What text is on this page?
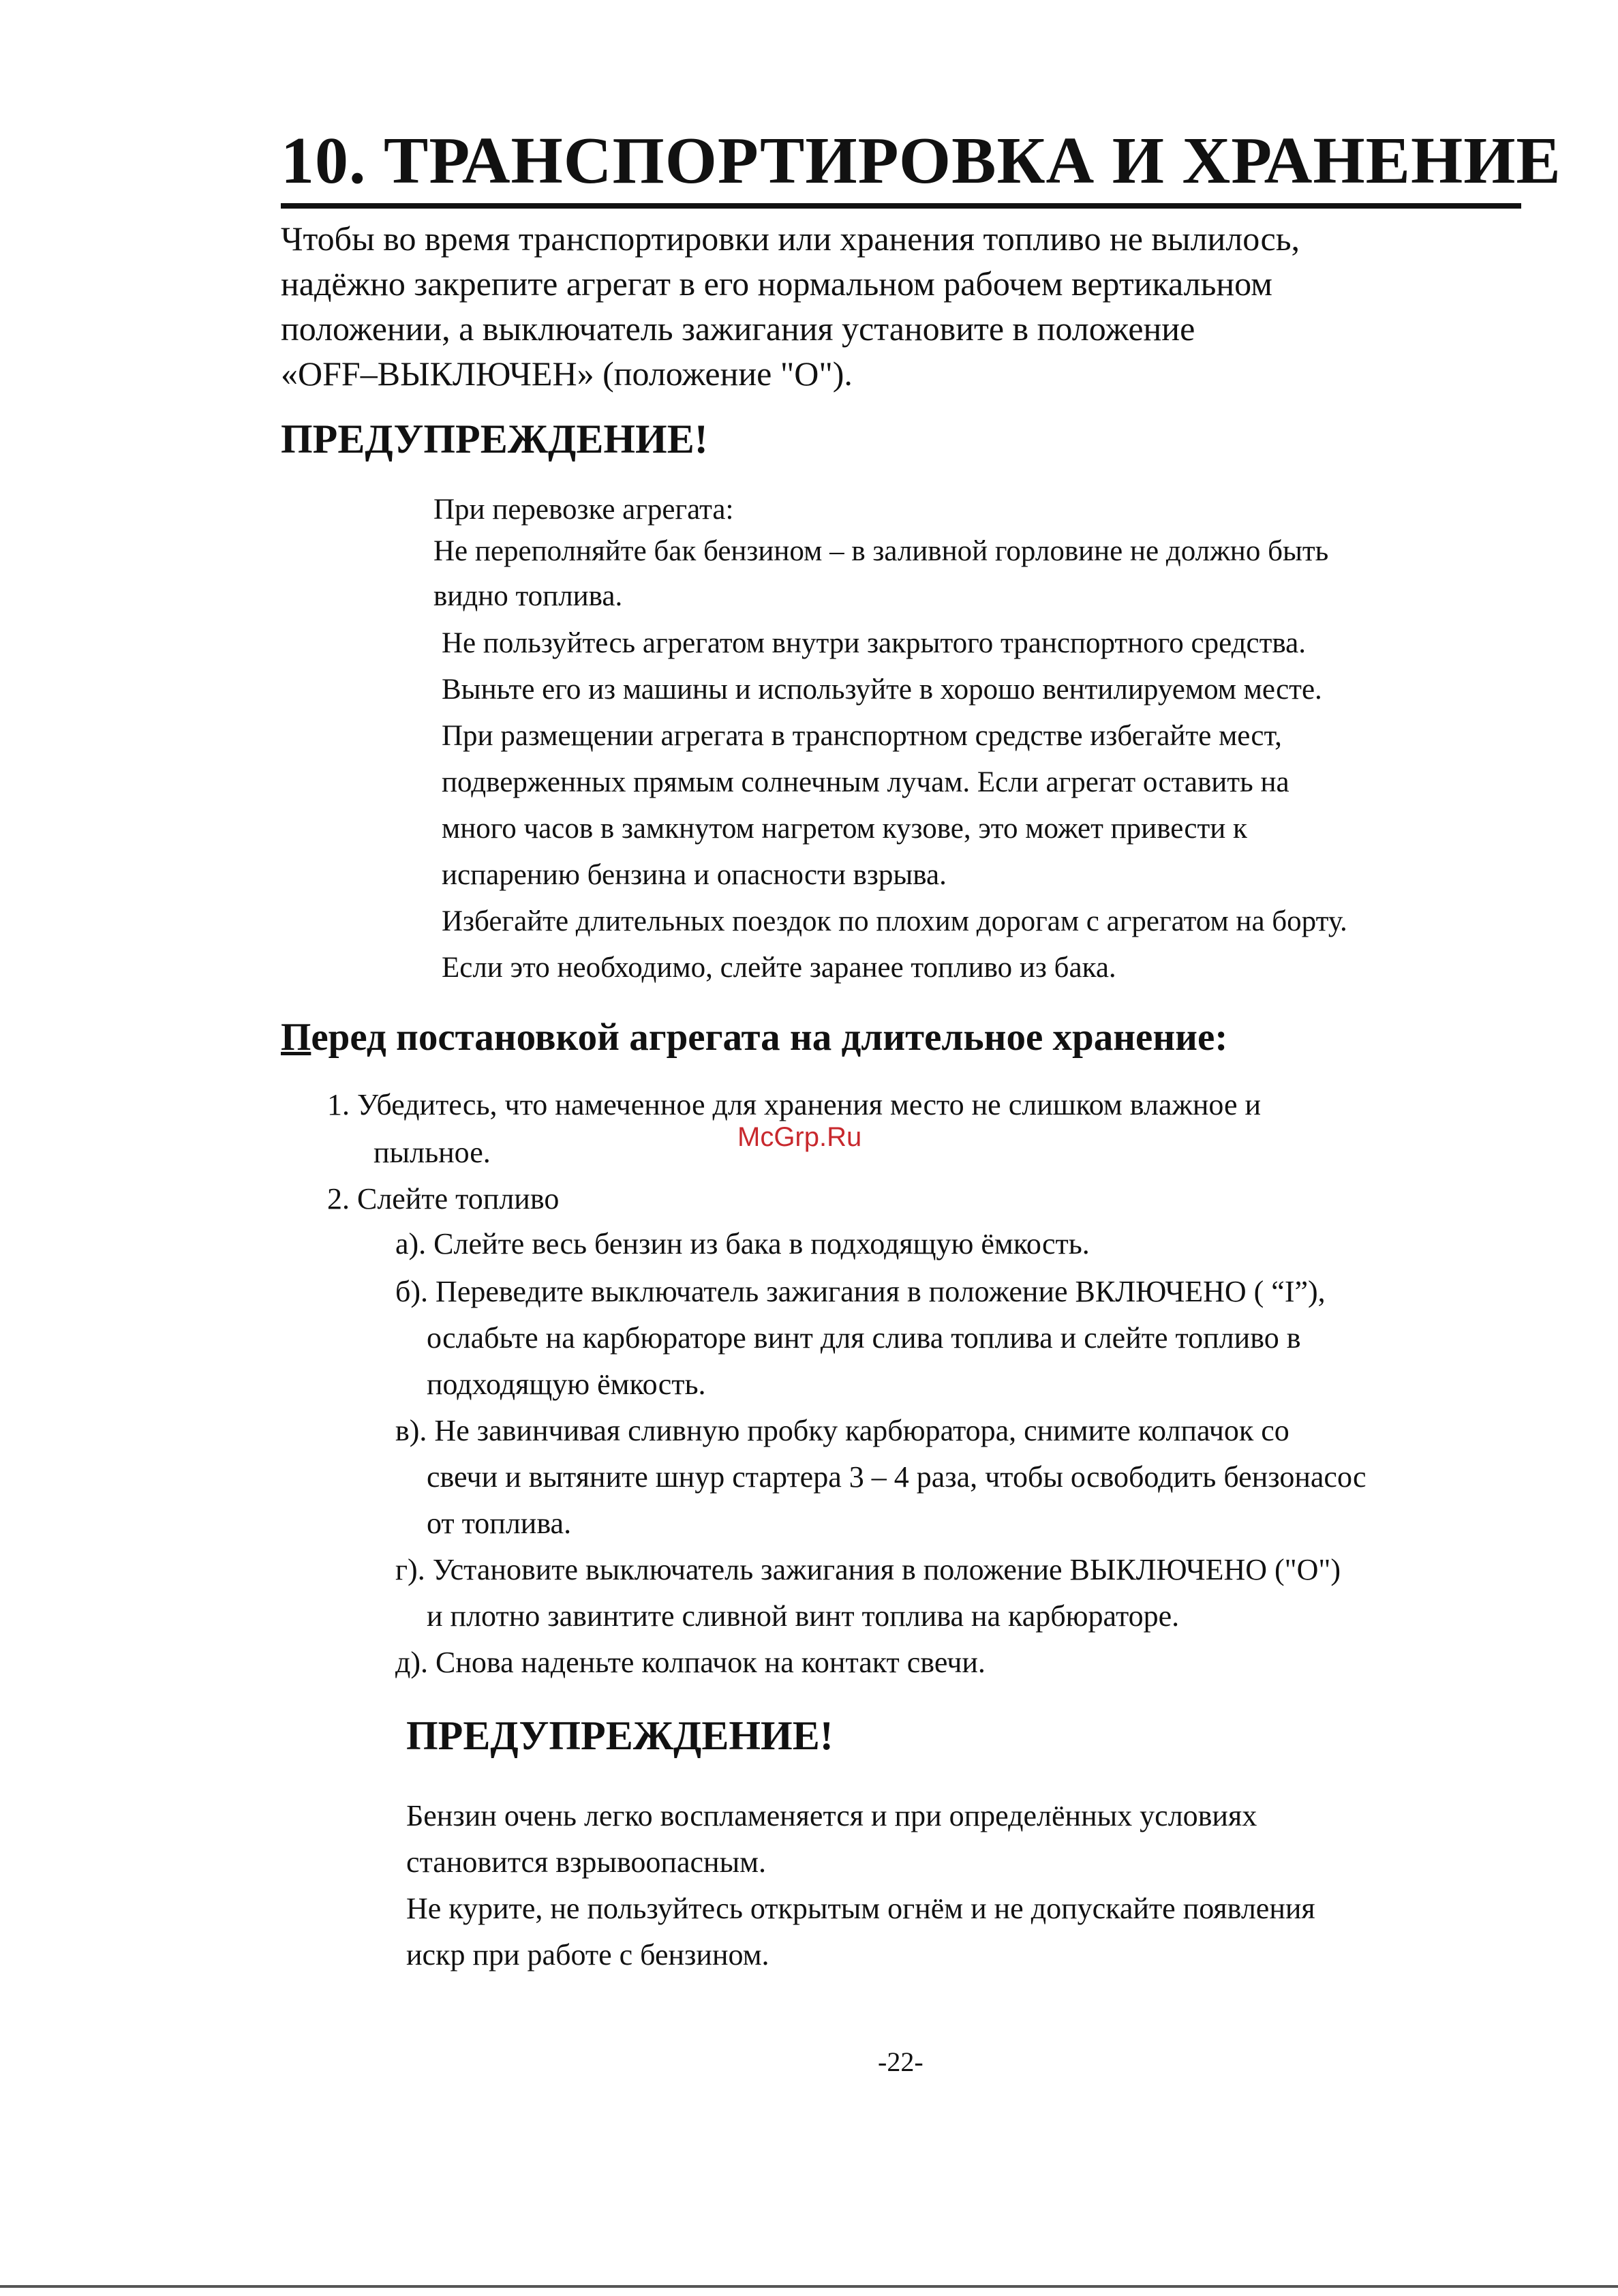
10. ТРАНСПОРТИРОВКА И ХРАНЕНИЕ

Чтобы во время транспортировки или хранения топливо не вылилось,

надёжно закрепите агрегат в его нормальном рабочем вертикальном

положении, а выключатель зажигания установите в положение

«OFF–ВЫКЛЮЧЕН» (положение "O").

ПРЕДУПРЕЖДЕНИЕ!

При перевозке агрегата:

Не переполняйте бак бензином – в заливной горловине не должно быть

видно топлива.

Не пользуйтесь агрегатом внутри закрытого транспортного средства.

Выньте его из машины и используйте в хорошо вентилируемом месте.

При размещении агрегата в транспортном средстве избегайте мест,

подверженных прямым солнечным лучам. Если агрегат оставить на

много часов в замкнутом нагретом кузове, это может привести к

испарению бензина и опасности взрыва.

Избегайте длительных поездок по плохим дорогам с агрегатом на борту.

Если это необходимо, слейте заранее топливо из бака.

Перед постановкой агрегата на длительное хранение:

1. Убедитесь, что намеченное для хранения место не слишком влажное и

пыльное.

2. Слейте топливо

а). Слейте весь бензин из бака в подходящую ёмкость.

б). Переведите выключатель зажигания в положение ВКЛЮЧЕНО ( “I”),

ослабьте на карбюраторе винт для слива топлива и слейте топливо в

подходящую ёмкость.

в). Не завинчивая сливную пробку карбюратора, снимите колпачок со

свечи и вытяните шнур стартера 3 – 4 раза, чтобы освободить бензонасос

от топлива.

г). Установите выключатель зажигания в положение ВЫКЛЮЧЕНО ("O")

и плотно завинтите сливной винт топлива на карбюраторе.

д). Снова наденьте колпачок на контакт свечи.

ПРЕДУПРЕЖДЕНИЕ!

Бензин очень легко воспламеняется и при определённых условиях

становится взрывоопасным.

Не курите, не пользуйтесь открытым огнём и не допускайте появления

искр при работе с бензином.

McGrp.Ru
-22-
